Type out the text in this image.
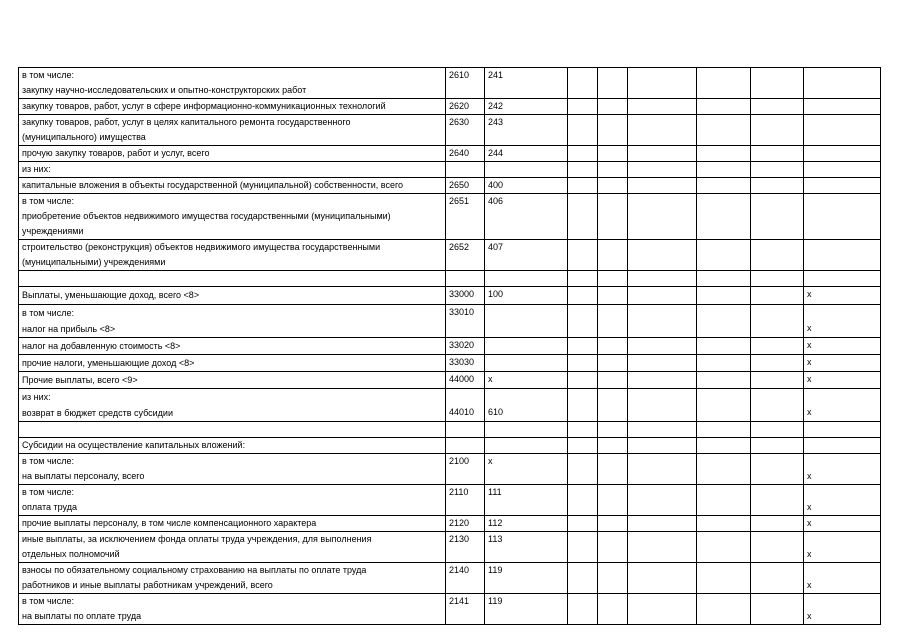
в том числе:
закупку научно-исследовательских и опытно-конструкторских работ	2610	241						

закупку товаров, работ, услуг в сфере информационно-коммуникационных технологий	2620	242						

закупку товаров, работ, услуг в целях капитального ремонта государственного
(муниципального) имущества	2630	243						

прочую закупку товаров, работ и услуг, всего	2640	244						

из них:								

капитальные вложения в объекты государственной (муниципальной) собственности, всего	2650	400						

в том числе:
приобретение объектов недвижимого имущества государственными (муниципальными)
учреждениями	2651	406						

строительство (реконструкция) объектов недвижимого имущества государственными
(муниципальными) учреждениями	2652	407						

Выплаты, уменьшающие доход, всего <8>	33000	100						x

в том числе:
налог на прибыль <8>	33010							x

налог на добавленную стоимость <8>	33020							x

прочие налоги, уменьшающие доход <8>	33030							x

Прочие выплаты, всего <9>	44000	x						x

из них:
возврат в бюджет средств субсидии	44010	610						x

Субсидии на осуществление капитальных вложений:								

в том числе:
на выплаты персоналу, всего	2100	x						x

в том числе:
оплата труда	2110	111						x

прочие выплаты персоналу, в том числе компенсационного характера	2120	112						x

иные выплаты, за исключением фонда оплаты труда учреждения, для выполнения
отдельных полномочий	2130	113						x

взносы по обязательному социальному страхованию на выплаты по оплате труда
работников и иные выплаты работникам учреждений, всего	2140	119						x

в том числе:
на выплаты по оплате труда	2141	119						x
